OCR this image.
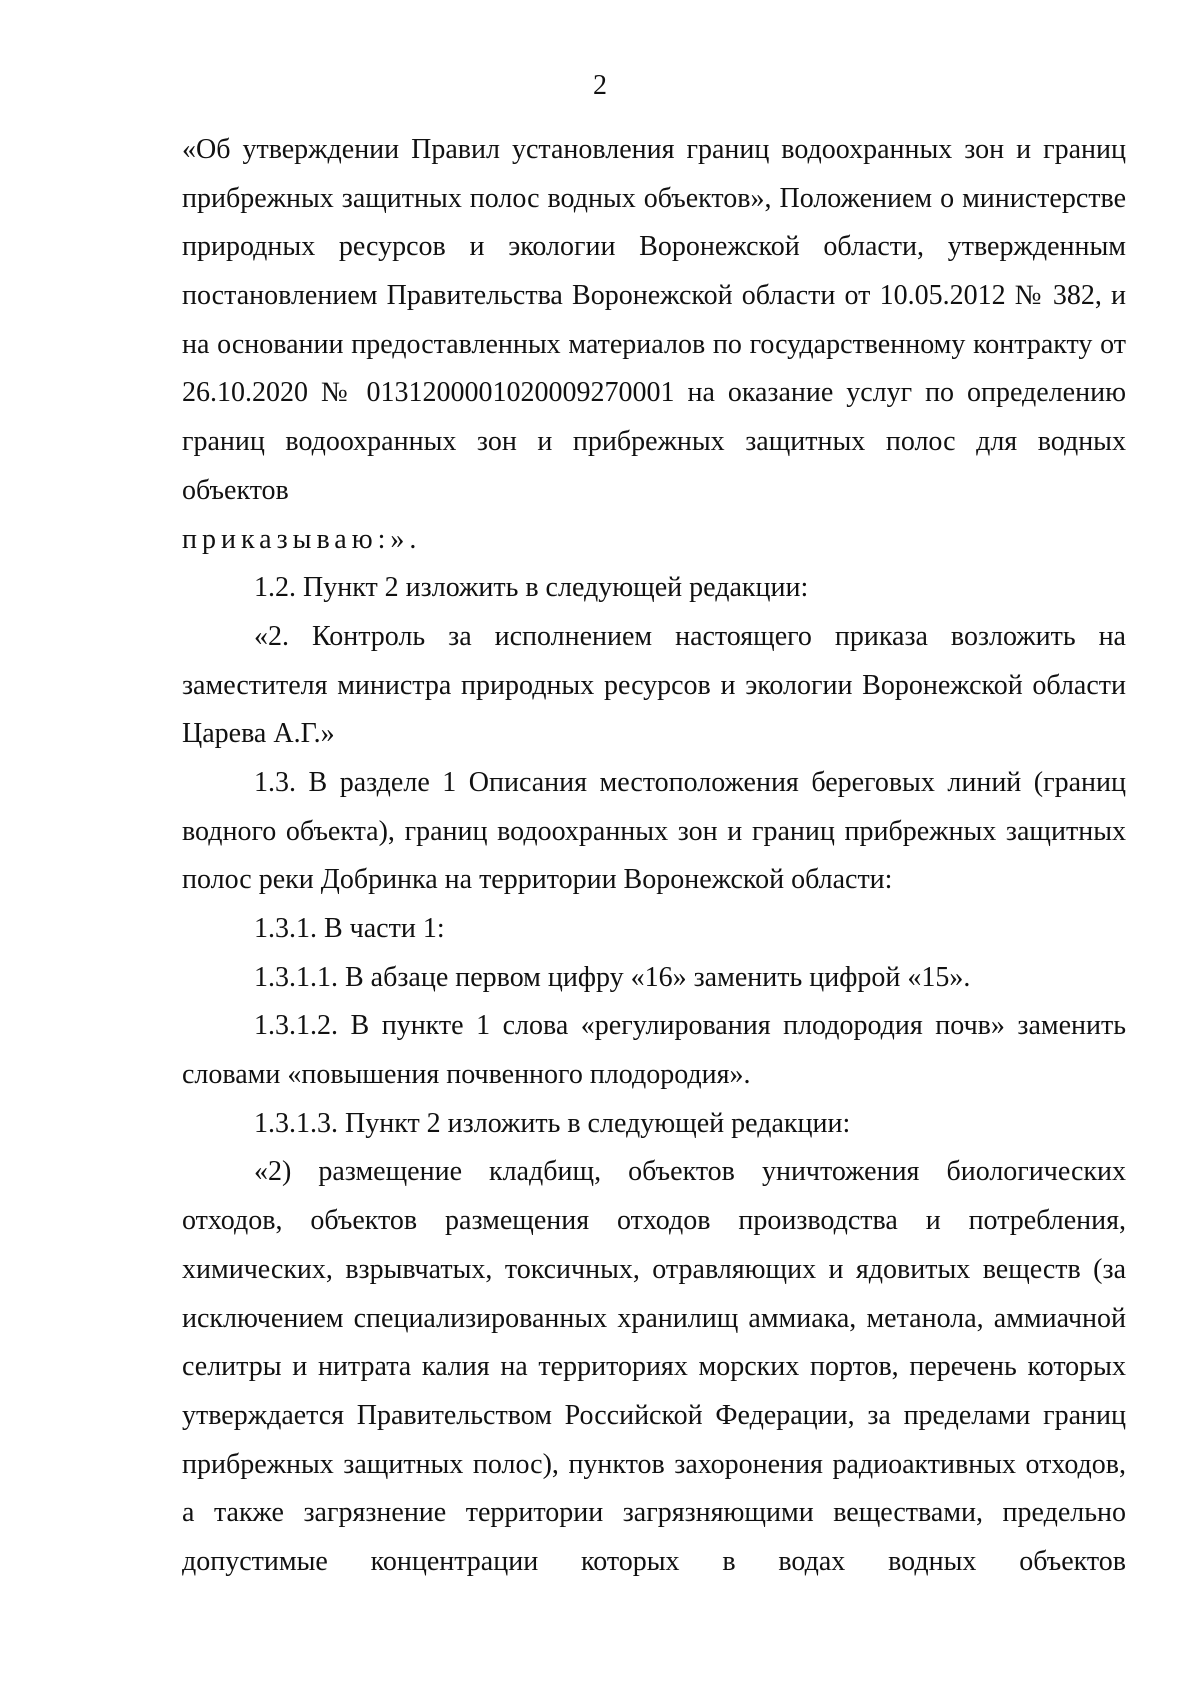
2
«Об утверждении Правил установления границ водоохранных зон и границ
прибрежных защитных полос водных объектов», Положением о министерстве
природных ресурсов и экологии Воронежской области, утвержденным
постановлением Правительства Воронежской области от 10.05.2012 № 382, и
на основании предоставленных материалов по государственному контракту от
26.10.2020 № 0131200001020009270001 на оказание услуг по определению
границ водоохранных зон и прибрежных защитных полос для водных
объектов
приказываю:».
1.2. Пункт 2 изложить в следующей редакции:
«2. Контроль за исполнением настоящего приказа возложить на
заместителя министра природных ресурсов и экологии Воронежской области
Царева А.Г.»
1.3. В разделе 1 Описания местоположения береговых линий (границ
водного объекта), границ водоохранных зон и границ прибрежных защитных
полос реки Добринка на территории Воронежской области:
1.3.1. В части 1:
1.3.1.1. В абзаце первом цифру «16» заменить цифрой «15».
1.3.1.2. В пункте 1 слова «регулирования плодородия почв» заменить
словами «повышения почвенного плодородия».
1.3.1.3. Пункт 2 изложить в следующей редакции:
«2) размещение кладбищ, объектов уничтожения биологических
отходов, объектов размещения отходов производства и потребления,
химических, взрывчатых, токсичных, отравляющих и ядовитых веществ (за
исключением специализированных хранилищ аммиака, метанола, аммиачной
селитры и нитрата калия на территориях морских портов, перечень которых
утверждается Правительством Российской Федерации, за пределами границ
прибрежных защитных полос), пунктов захоронения радиоактивных отходов,
а также загрязнение территории загрязняющими веществами, предельно
допустимые концентрации которых в водах водных объектов
